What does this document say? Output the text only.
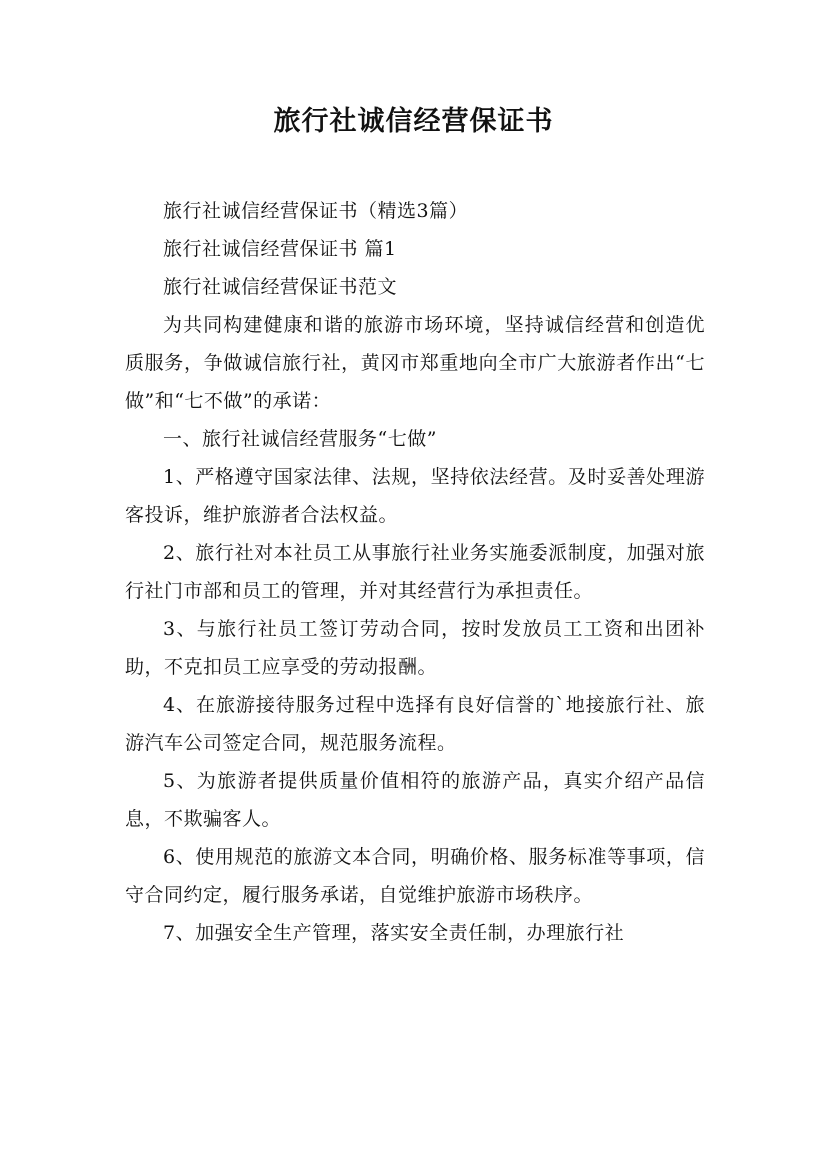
旅行社诚信经营保证书

旅行社诚信经营保证书（精选3篇）

旅行社诚信经营保证书 篇1

旅行社诚信经营保证书范文

为共同构建健康和谐的旅游市场环境，坚持诚信经营和创造优质服务，争做诚信旅行社，黄冈市郑重地向全市广大旅游者作出“七做”和“七不做”的承诺：

一、旅行社诚信经营服务“七做”

1、严格遵守国家法律、法规，坚持依法经营。及时妥善处理游客投诉，维护旅游者合法权益。

2、旅行社对本社员工从事旅行社业务实施委派制度，加强对旅行社门市部和员工的管理，并对其经营行为承担责任。

3、与旅行社员工签订劳动合同，按时发放员工工资和出团补助，不克扣员工应享受的劳动报酬。

4、在旅游接待服务过程中选择有良好信誉的`地接旅行社、旅游汽车公司签定合同，规范服务流程。

5、为旅游者提供质量价值相符的旅游产品，真实介绍产品信息，不欺骗客人。

6、使用规范的旅游文本合同，明确价格、服务标准等事项，信守合同约定，履行服务承诺，自觉维护旅游市场秩序。

7、加强安全生产管理，落实安全责任制，办理旅行社
